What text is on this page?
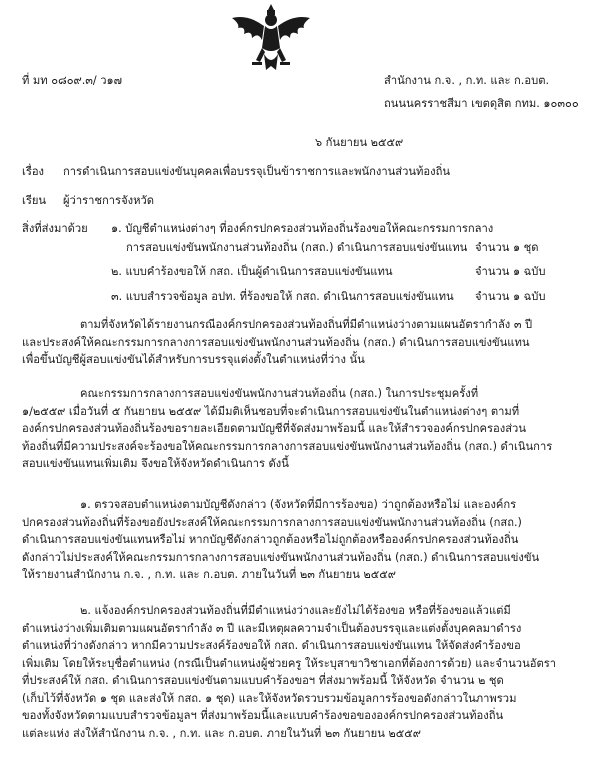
ที่ มท ๐๘๐๙.๓/ ว๑๗	สำนักงาน ก.จ. , ก.ท. และ ก.อบต.
ถนนนครราชสีมา เขตดุสิต กทม. ๑๐๓๐๐
๖ กันยายน ๒๕๕๙
เรื่อง การดำเนินการสอบแข่งขันบุคคลเพื่อบรรจุเป็นข้าราชการและพนักงานส่วนท้องถิ่น
เรียน ผู้ว่าราชการจังหวัด
สิ่งที่ส่งมาด้วย ๑. บัญชีตำแหน่งต่างๆ ที่องค์กรปกครองส่วนท้องถิ่นร้องขอให้คณะกรรมการกลาง
การสอบแข่งขันพนักงานส่วนท้องถิ่น (กสถ.) ดำเนินการสอบแข่งขันแทน จำนวน ๑ ชุด
๒. แบบคำร้องขอให้ กสถ. เป็นผู้ดำเนินการสอบแข่งขันแทน	จำนวน ๑ ฉบับ
๓. แบบสำรวจข้อมูล อปท. ที่ร้องขอให้ กสถ. ดำเนินการสอบแข่งขันแทน จำนวน ๑ ฉบับ
ตามที่จังหวัดได้รายงานกรณีองค์กรปกครองส่วนท้องถิ่นที่มีตำแหน่งว่างตามแผนอัตรากำลัง ๓ ปี
และประสงค์ให้คณะกรรมการกลางการสอบแข่งขันพนักงานส่วนท้องถิ่น (กสถ.) ดำเนินการสอบแข่งขันแทน
เพื่อขึ้นบัญชีผู้สอบแข่งขันได้สำหรับการบรรจุแต่งตั้งในตำแหน่งที่ว่าง นั้น
คณะกรรมการกลางการสอบแข่งขันพนักงานส่วนท้องถิ่น (กสถ.) ในการประชุมครั้งที่
๑/๒๕๕๙ เมื่อวันที่ ๕ กันยายน ๒๕๕๙ ได้มีมติเห็นชอบที่จะดำเนินการสอบแข่งขันในตำแหน่งต่างๆ ตามที่
องค์กรปกครองส่วนท้องถิ่นร้องขอรายละเอียดตามบัญชีที่จัดส่งมาพร้อมนี้ และให้สำรวจองค์กรปกครองส่วน
ท้องถิ่นที่มีความประสงค์จะร้องขอให้คณะกรรมการกลางการสอบแข่งขันพนักงานส่วนท้องถิ่น (กสถ.) ดำเนินการ
สอบแข่งขันแทนเพิ่มเติม จึงขอให้จังหวัดดำเนินการ ดังนี้
๑. ตรวจสอบตำแหน่งตามบัญชีดังกล่าว (จังหวัดที่มีการร้องขอ) ว่าถูกต้องหรือไม่ และองค์กร
ปกครองส่วนท้องถิ่นที่ร้องขอยังประสงค์ให้คณะกรรมการกลางการสอบแข่งขันพนักงานส่วนท้องถิ่น (กสถ.)
ดำเนินการสอบแข่งขันแทนหรือไม่ หากบัญชีดังกล่าวถูกต้องหรือไม่ถูกต้องหรือองค์กรปกครองส่วนท้องถิ่น
ดังกล่าวไม่ประสงค์ให้คณะกรรมการกลางการสอบแข่งขันพนักงานส่วนท้องถิ่น (กสถ.) ดำเนินการสอบแข่งขัน
ให้รายงานสำนักงาน ก.จ. , ก.ท. และ ก.อบต. ภายในวันที่ ๒๓ กันยายน ๒๕๕๙
๒. แจ้งองค์กรปกครองส่วนท้องถิ่นที่มีตำแหน่งว่างและยังไม่ได้ร้องขอ หรือที่ร้องขอแล้วแต่มี
ตำแหน่งว่างเพิ่มเติมตามแผนอัตรากำลัง ๓ ปี และมีเหตุผลความจำเป็นต้องบรรจุและแต่งตั้งบุคคลมาดำรง
ตำแหน่งที่ว่างดังกล่าว หากมีความประสงค์ร้องขอให้ กสถ. ดำเนินการสอบแข่งขันแทน ให้จัดส่งคำร้องขอ
เพิ่มเติม โดยให้ระบุชื่อตำแหน่ง (กรณีเป็นตำแหน่งผู้ช่วยครู ให้ระบุสาขาวิชาเอกที่ต้องการด้วย) และจำนวนอัตรา
ที่ประสงค์ให้ กสถ. ดำเนินการสอบแข่งขันตามแบบคำร้องขอฯ ที่ส่งมาพร้อมนี้ ให้จังหวัด จำนวน ๒ ชุด
(เก็บไว้ที่จังหวัด ๑ ชุด และส่งให้ กสถ. ๑ ชุด) และให้จังหวัดรวบรวมข้อมูลการร้องขอดังกล่าวในภาพรวม
ของทั้งจังหวัดตามแบบสำรวจข้อมูลฯ ที่ส่งมาพร้อมนี้และแบบคำร้องขอขององค์กรปกครองส่วนท้องถิ่น
แต่ละแห่ง ส่งให้สำนักงาน ก.จ. , ก.ท. และ ก.อบต. ภายในวันที่ ๒๓ กันยายน ๒๕๕๙
